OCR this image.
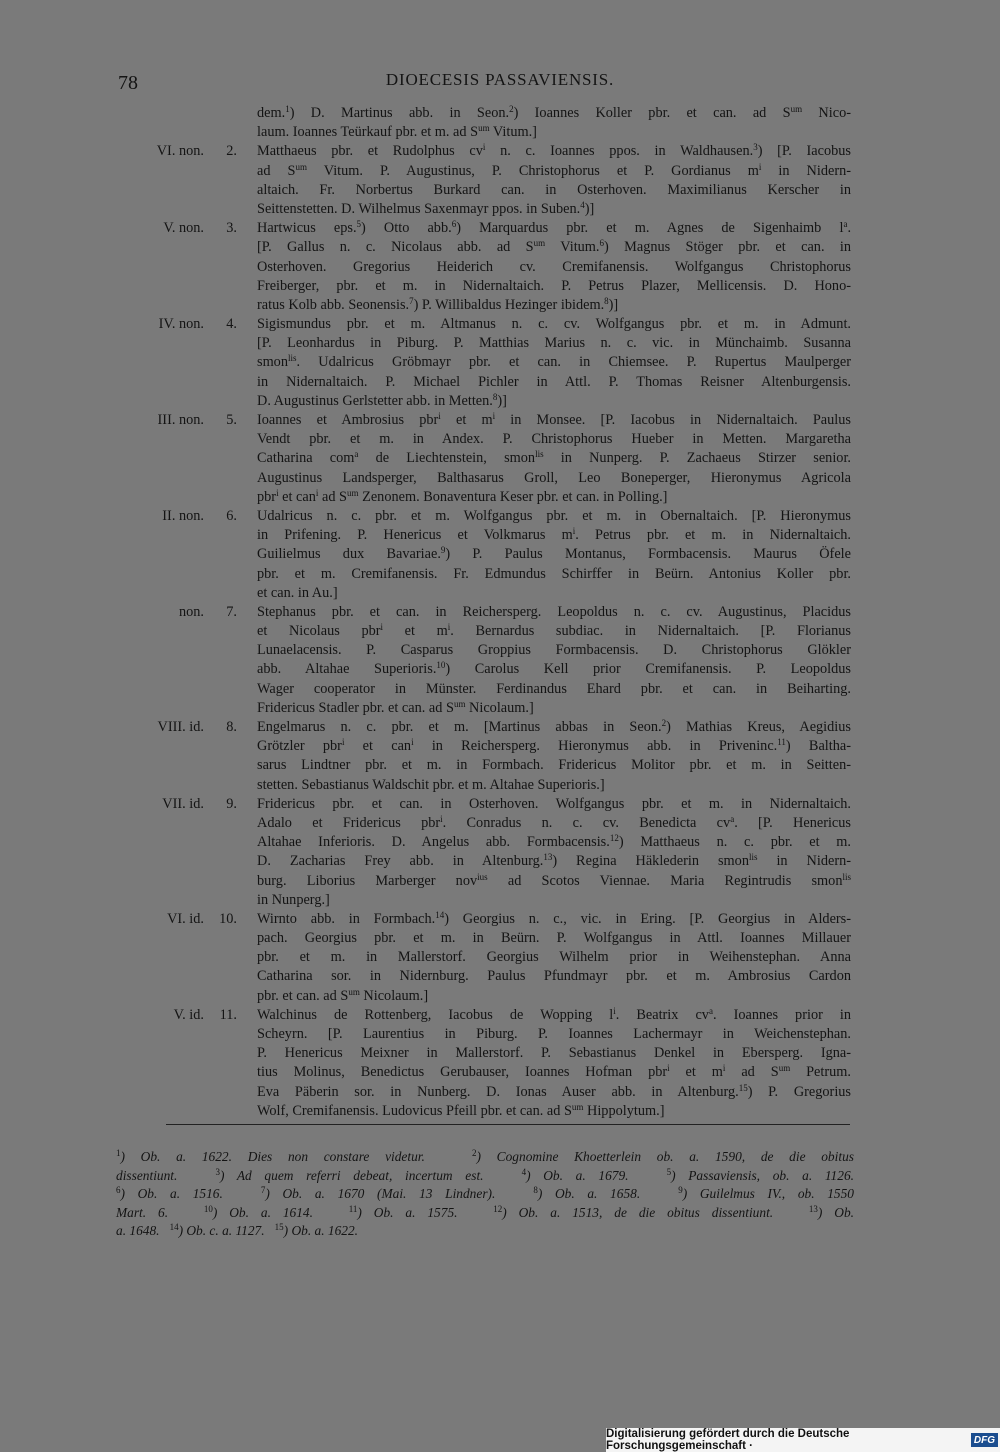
78	DIOECESIS PASSAVIENSIS.
dem.$^1$) D. Martinus abb. in Seon.$^2$) Ioannes Koller pbr. et can. ad $S^{um}$ Nico-
laum. Ioannes Teürkauf pbr. et m. ad $S^{um}$ Vitum.]
VI. non.	2. Matthaeus pbr. et Rudolphus $cv^i$ n. c. Ioannes ppos. in Waldhausen.$^3$) [P. Iacobus
ad $S^{um}$ Vitum. P. Augustinus, P. Christophorus et P. Gordianus $m^i$ in Nidern-
altaich. Fr. Norbertus Burkard can. in Osterhoven. Maximilianus Kerscher in
Seittenstetten. D. Wilhelmus Saxenmayr ppos. in Suben.$^4$)]
V. non.	3. Hartwicus eps.$^5$) Otto abb.$^6$) Marquardus pbr. et m. Agnes de Sigenhaimb $l^a$.
[P. Gallus n. c. Nicolaus abb. ad $S^{um}$ Vitum.$^6$) Magnus Stöger pbr. et can. in
Osterhoven. Gregorius Heiderich cv. Cremifanensis. Wolfgangus Christophorus
Freiberger, pbr. et m. in Nidernaltaich. P. Petrus Plazer, Mellicensis. D. Hono-
ratus Kolb abb. Seonensis.$^7$) P. Willibaldus Hezinger ibidem.$^8$)]
IV. non.	4. Sigismundus pbr. et m. Altmanus n. c. cv. Wolfgangus pbr. et m. in Admunt.
[P. Leonhardus in Piburg. P. Matthias Marius n. c. vic. in Münchaimb. Susanna
smon$^{lis}$. Udalricus Gröbmayr pbr. et can. in Chiemsee. P. Rupertus Maulperger
in Nidernaltaich. P. Michael Pichler in Attl. P. Thomas Reisner Altenburgensis.
D. Augustinus Gerlstetter abb. in Metten.$^8$)]
III. non.	5. Ioannes et Ambrosius pbr$^i$ et $m^i$ in Monsee. [P. Iacobus in Nidernaltaich. Paulus
Vendt pbr. et m. in Andex. P. Christophorus Hueber in Metten. Margaretha
Catharina com$^a$ de Liechtenstein, smon$^{lis}$ in Nunperg. P. Zachaeus Stirzer senior.
Augustinus Landsperger, Balthasarus Groll, Leo Boneperger, Hieronymus Agricola
pbr$^i$ et can$^i$ ad $S^{um}$ Zenonem. Bonaventura Keser pbr. et can. in Polling.]
II. non.	6. Udalricus n. c. pbr. et m. Wolfgangus pbr. et m. in Obernaltaich. [P. Hieronymus
in Prifening. P. Henericus et Volkmarus $m^i$. Petrus pbr. et m. in Nidernaltaich.
Guilielmus dux Bavariae.$^9$) P. Paulus Montanus, Formbacensis. Maurus Öfele
pbr. et m. Cremifanensis. Fr. Edmundus Schirffer in Beürn. Antonius Koller pbr.
et can. in Au.]
non.	7. Stephanus pbr. et can. in Reichersperg. Leopoldus n. c. cv. Augustinus, Placidus
et Nicolaus pbr$^i$ et $m^i$. Bernardus subdiac. in Nidernaltaich. [P. Florianus
Lunaelacensis. P. Casparus Groppius Formbacensis. D. Christophorus Glökler
abb. Altahae Superioris.$^{10}$) Carolus Kell prior Cremifanensis. P. Leopoldus
Wager cooperator in Münster. Ferdinandus Ehard pbr. et can. in Beiharting.
Fridericus Stadler pbr. et can. ad $S^{um}$ Nicolaum.]
VIII. id.	8. Engelmarus n. c. pbr. et m. [Martinus abbas in Seon.$^2$) Mathias Kreus, Aegidius
Grötzler pbr$^i$ et can$^i$ in Reichersperg. Hieronymus abb. in Priveninc.$^{11}$) Baltha-
sarus Lindtner pbr. et m. in Formbach. Fridericus Molitor pbr. et m. in Seitten-
stetten. Sebastianus Waldschit pbr. et m. Altahae Superioris.]
VII. id.	9. Fridericus pbr. et can. in Osterhoven. Wolfgangus pbr. et m. in Nidernaltaich.
Adalo et Fridericus pbr$^i$. Conradus n. c. cv. Benedicta $cv^a$. [P. Henericus
Altahae Inferioris. D. Angelus abb. Formbacensis.$^{12}$) Matthaeus n. c. pbr. et m.
D. Zacharias Frey abb. in Altenburg.$^{13}$) Regina Häklederin smon$^{lis}$ in Nidern-
burg. Liborius Marberger nov$^{ius}$ ad Scotos Viennae. Maria Regintrudis smon$^{lis}$
in Nunperg.]
VI. id.	10. Wirnto abb. in Formbach.$^{14}$) Georgius n. c., vic. in Ering. [P. Georgius in Alders-
pach. Georgius pbr. et m. in Beürn. P. Wolfgangus in Attl. Ioannes Millauer
pbr. et m. in Mallerstorf. Georgius Wilhelm prior in Weihenstephan. Anna
Catharina sor. in Nidernburg. Paulus Pfundmayr pbr. et m. Ambrosius Cardon
pbr. et can. ad $S^{um}$ Nicolaum.]
V. id.	11. Walchinus de Rottenberg, Iacobus de Wopping $l^i$. Beatrix $cv^a$. Ioannes prior in
Scheyrn. [P. Laurentius in Piburg. P. Ioannes Lachermayr in Weichenstephan.
P. Henericus Meixner in Mallerstorf. P. Sebastianus Denkel in Ebersperg. Igna-
tius Molinus, Benedictus Gerubauser, Ioannes Hofman pbr$^i$ et $m^i$ ad $S^{um}$ Petrum.
Eva Päberin sor. in Nunberg. D. Ionas Auser abb. in Altenburg.$^{15}$) P. Gregorius
Wolf, Cremifanensis. Ludovicus Pfeill pbr. et can. ad $S^{um}$ Hippolytum.]
$^1$) Ob. a. 1622. Dies non constare videtur.   $^2$) Cognomine Khoetterlein ob. a. 1590, de die obitus
dissentiunt.   $^3$) Ad quem referri debeat, incertum est.   $^4$) Ob. a. 1679.   $^5$) Passaviensis, ob. a. 1126.
$^6$) Ob. a. 1516.   $^7$) Ob. a. 1670 (Mai. 13 Lindner).   $^8$) Ob. a. 1658.   $^9$) Guilelmus IV., ob. 1550
Mart. 6.   $^{10}$) Ob. a. 1614.   $^{11}$) Ob. a. 1575.   $^{12}$) Ob. a. 1513, de die obitus dissentiunt.   $^{13}$) Ob.
a. 1648.   $^{14}$) Ob. c. a. 1127.   $^{15}$) Ob. a. 1622.
Digitalisierung gefördert durch die Deutsche Forschungsgemeinschaft ·	DFG
